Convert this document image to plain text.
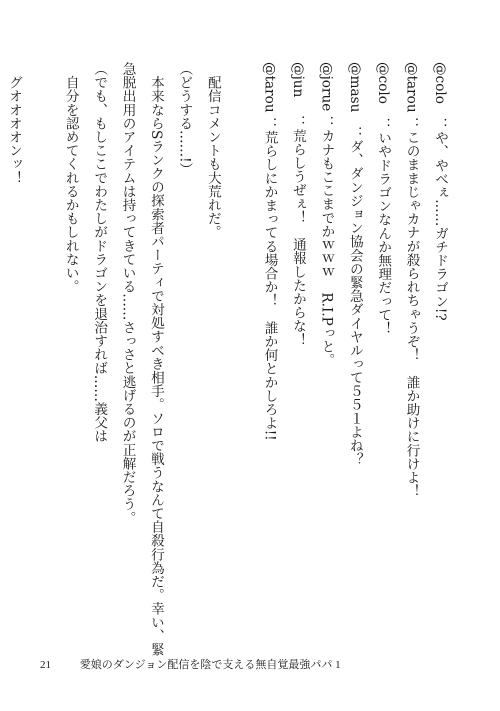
@colo　：や、やべぇ……ガチドラゴン!?
@tarou ：このままじゃカナが殺られちゃうぞ！　誰か助けに行けよ！
@colo　：いやドラゴンなんか無理だって！
@masu　：ダ、ダンジョン協会の緊急ダイヤルって５５１よね？
@jorue ：カナもここまでかｗｗｗ　R.I.Pっと。
@jun　 ：荒らしうぜぇ！　通報したからな！
@tarou ：荒らしにかまってる場合か！　誰か何とかしろよ!!

　配信コメントも大荒れだ。
（どうする……!）
　本来ならSランクの探索者パーティで対処すべき相手。ソロで戦うなんて自殺行為だ。幸い、緊
急脱出用のアイテムは持ってきている……さっさと逃げるのが正解だろう。
（でも、もしここでわたしがドラゴンを退治すれば……義父は
　自分を認めてくれるかもしれない。

　グオオオオンッ！

21	愛娘のダンジョン配信を陰で支える無自覚最強パパ 1
